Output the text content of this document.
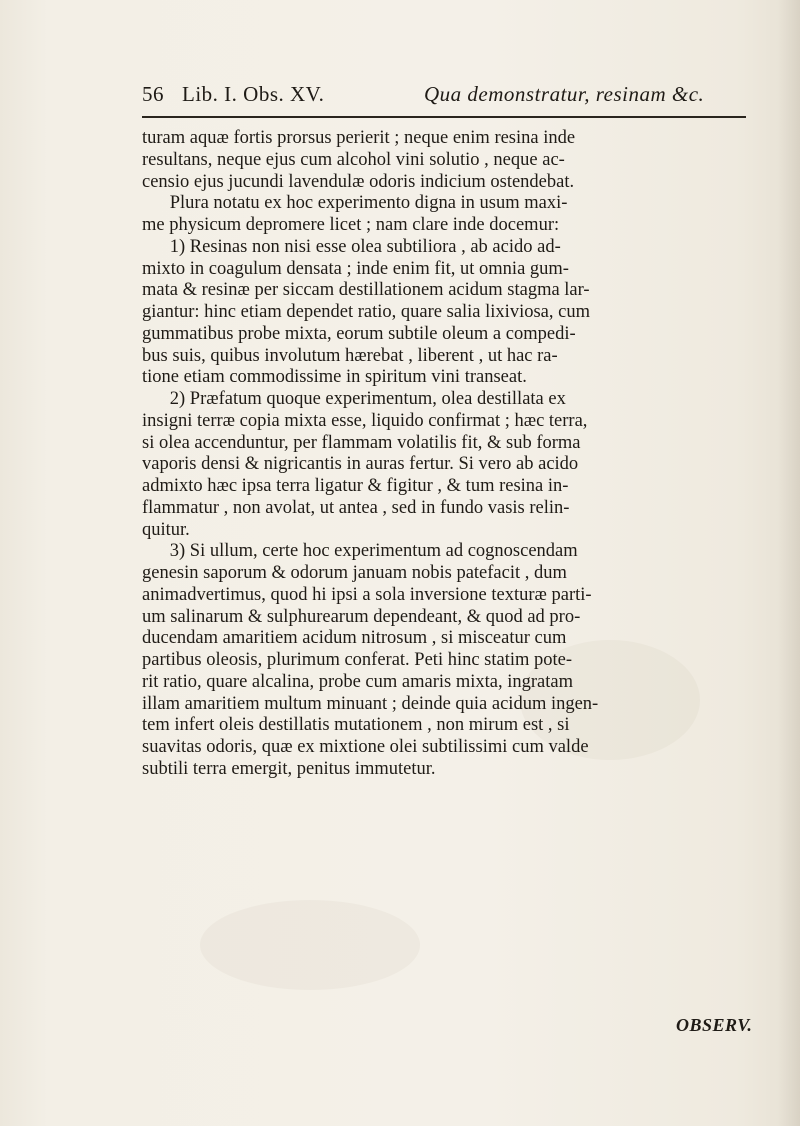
56 Lib. I. Obs. XV.	Qua demonstratur, resinam &c.
turam aquæ fortis prorsus perierit ; neque enim resina inde
resultans, neque ejus cum alcohol vini solutio , neque ac-
censio ejus jucundi lavendulæ odoris indicium ostendebat.
  Plura notatu ex hoc experimento digna in usum maxi-
me physicum depromere licet ; nam clare inde docemur:
  1) Resinas non nisi esse olea subtiliora , ab acido ad-
mixto in coagulum densata ; inde enim fit, ut omnia gum-
mata & resinæ per siccam destillationem acidum stagma lar-
giantur: hinc etiam dependet ratio, quare salia lixiviosa, cum
gummatibus probe mixta, eorum subtile oleum a compedi-
bus suis, quibus involutum hærebat , liberent , ut hac ra-
tione etiam commodissime in spiritum vini transeat.
  2) Præfatum quoque experimentum, olea destillata ex
insigni terræ copia mixta esse, liquido confirmat ; hæc terra,
si olea accenduntur, per flammam volatilis fit, & sub forma
vaporis densi & nigricantis in auras fertur. Si vero ab acido
admixto hæc ipsa terra ligatur & figitur , & tum resina in-
flammatur , non avolat, ut antea , sed in fundo vasis relin-
quitur.
  3) Si ullum, certe hoc experimentum ad cognoscendam
genesin saporum & odorum januam nobis patefacit , dum
animadvertimus, quod hi ipsi a sola inversione texturæ parti-
um salinarum & sulphurearum dependeant, & quod ad pro-
ducendam amaritiem acidum nitrosum , si misceatur cum
partibus oleosis, plurimum conferat. Peti hinc statim pote-
rit ratio, quare alcalina, probe cum amaris mixta, ingratam
illam amaritiem multum minuant ; deinde quia acidum ingen-
tem infert oleis destillatis mutationem , non mirum est , si
suavitas odoris, quæ ex mixtione olei subtilissimi cum valde
subtili terra emergit, penitus immutetur.
OBSERV.
